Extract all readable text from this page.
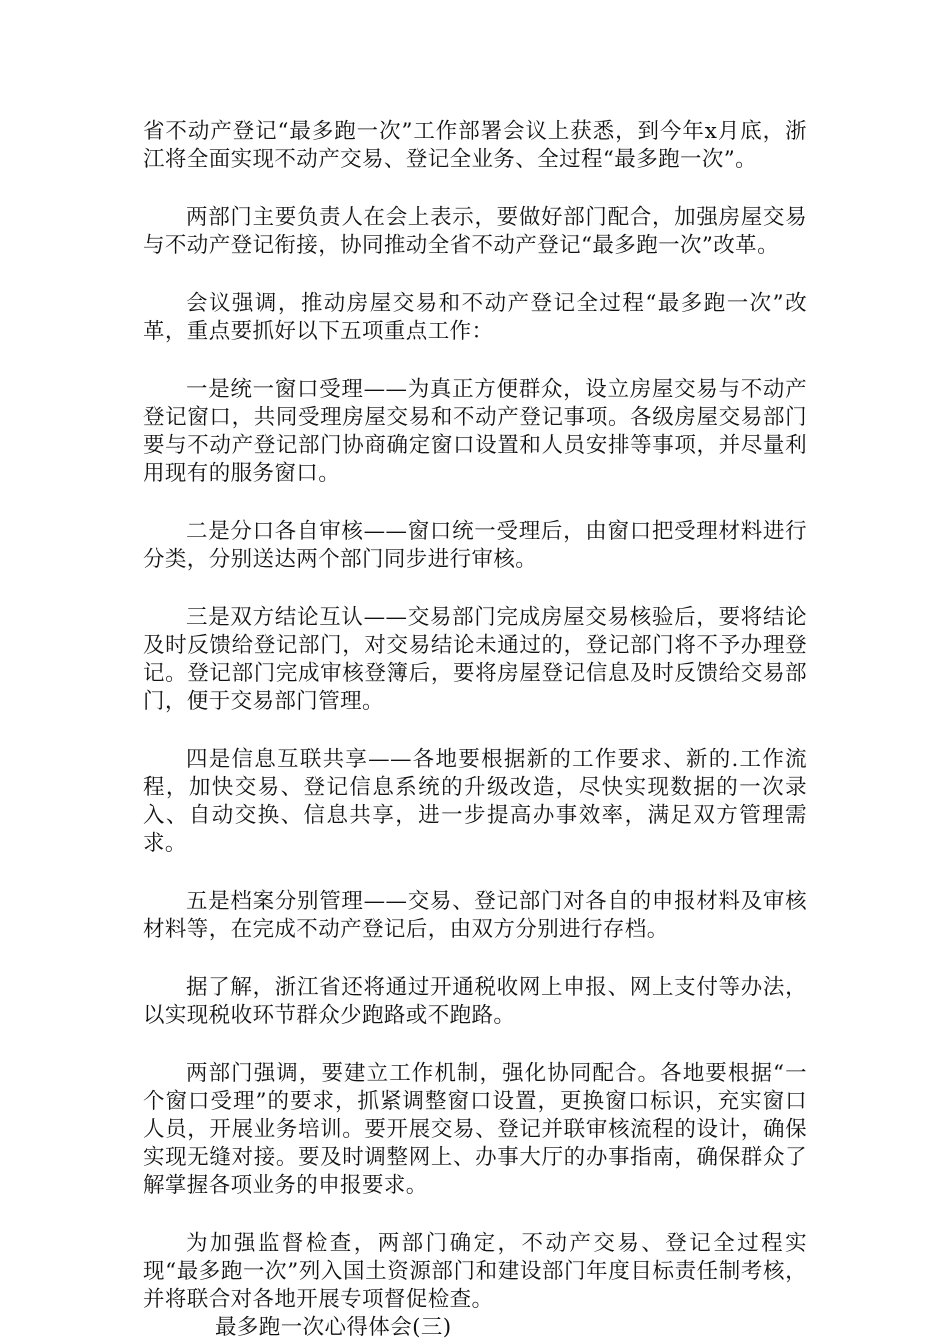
省不动产登记“最多跑一次”工作部署会议上获悉，到今年x月底，浙江将全面实现不动产交易、登记全业务、全过程“最多跑一次”。

两部门主要负责人在会上表示，要做好部门配合，加强房屋交易与不动产登记衔接，协同推动全省不动产登记“最多跑一次”改革。

会议强调，推动房屋交易和不动产登记全过程“最多跑一次”改革，重点要抓好以下五项重点工作：

一是统一窗口受理——为真正方便群众，设立房屋交易与不动产登记窗口，共同受理房屋交易和不动产登记事项。各级房屋交易部门要与不动产登记部门协商确定窗口设置和人员安排等事项，并尽量利用现有的服务窗口。

二是分口各自审核——窗口统一受理后，由窗口把受理材料进行分类，分别送达两个部门同步进行审核。

三是双方结论互认——交易部门完成房屋交易核验后，要将结论及时反馈给登记部门，对交易结论未通过的，登记部门将不予办理登记。登记部门完成审核登簿后，要将房屋登记信息及时反馈给交易部门，便于交易部门管理。

四是信息互联共享——各地要根据新的工作要求、新的.工作流程，加快交易、登记信息系统的升级改造，尽快实现数据的一次录入、自动交换、信息共享，进一步提高办事效率，满足双方管理需求。

五是档案分别管理——交易、登记部门对各自的申报材料及审核材料等，在完成不动产登记后，由双方分别进行存档。

据了解，浙江省还将通过开通税收网上申报、网上支付等办法，以实现税收环节群众少跑路或不跑路。

两部门强调，要建立工作机制，强化协同配合。各地要根据“一个窗口受理”的要求，抓紧调整窗口设置，更换窗口标识，充实窗口人员，开展业务培训。要开展交易、登记并联审核流程的设计，确保实现无缝对接。要及时调整网上、办事大厅的办事指南，确保群众了解掌握各项业务的申报要求。

为加强监督检查，两部门确定，不动产交易、登记全过程实现“最多跑一次”列入国土资源部门和建设部门年度目标责任制考核，并将联合对各地开展专项督促检查。

最多跑一次心得体会(三)
